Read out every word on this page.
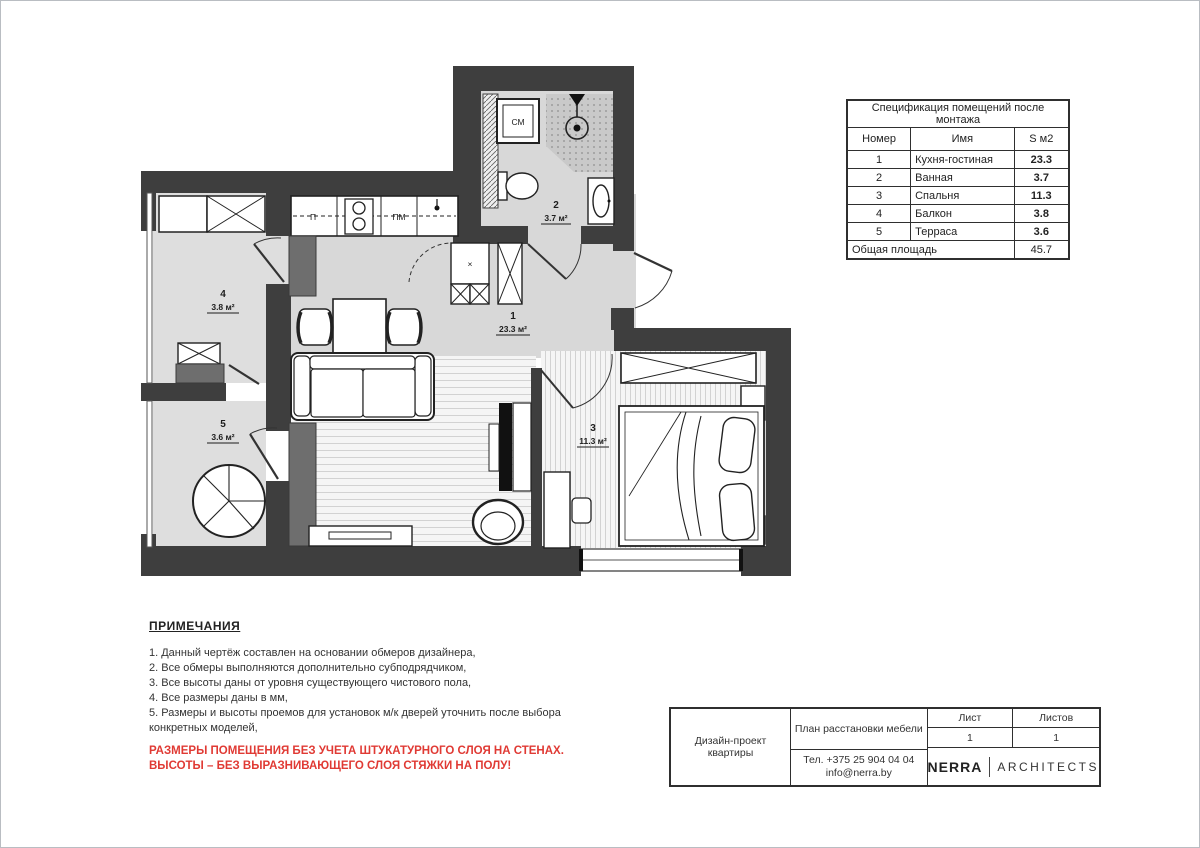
1
23.3 м²
2
3.7 м²
3
11.3 м²
4
3.8 м²
5
3.6 м²
П	ПМ
СМ
×
Спецификация помещений после монтажа		
Номер	Имя	S м2
1	Кухня-гостиная	23.3
2	Ванная	3.7
3	Спальня	11.3
4	Балкон	3.8
5	Терраса	3.6
Общая площадь		45.7
ПРИМЕЧАНИЯ
1. Данный чертёж составлен на основании обмеров дизайнера,
2. Все обмеры выполняются дополнительно субподрядчиком,
3. Все высоты даны от уровня существующего чистового пола,
4. Все размеры даны в мм,
5. Размеры и высоты проемов для установок м/к дверей уточнить после выбора конкретных моделей,
РАЗМЕРЫ ПОМЕЩЕНИЯ БЕЗ УЧЕТА ШТУКАТУРНОГО СЛОЯ НА СТЕНАХ.
ВЫСОТЫ – БЕЗ ВЫРАЗНИВАЮЩЕГО СЛОЯ СТЯЖКИ НА ПОЛУ!
Дизайн-проект квартиры
План расстановки мебели
Тел. +375 25 904 04 04
info@nerra.by
Лист	Листов
1	1
NERRA ARCHITECTS
